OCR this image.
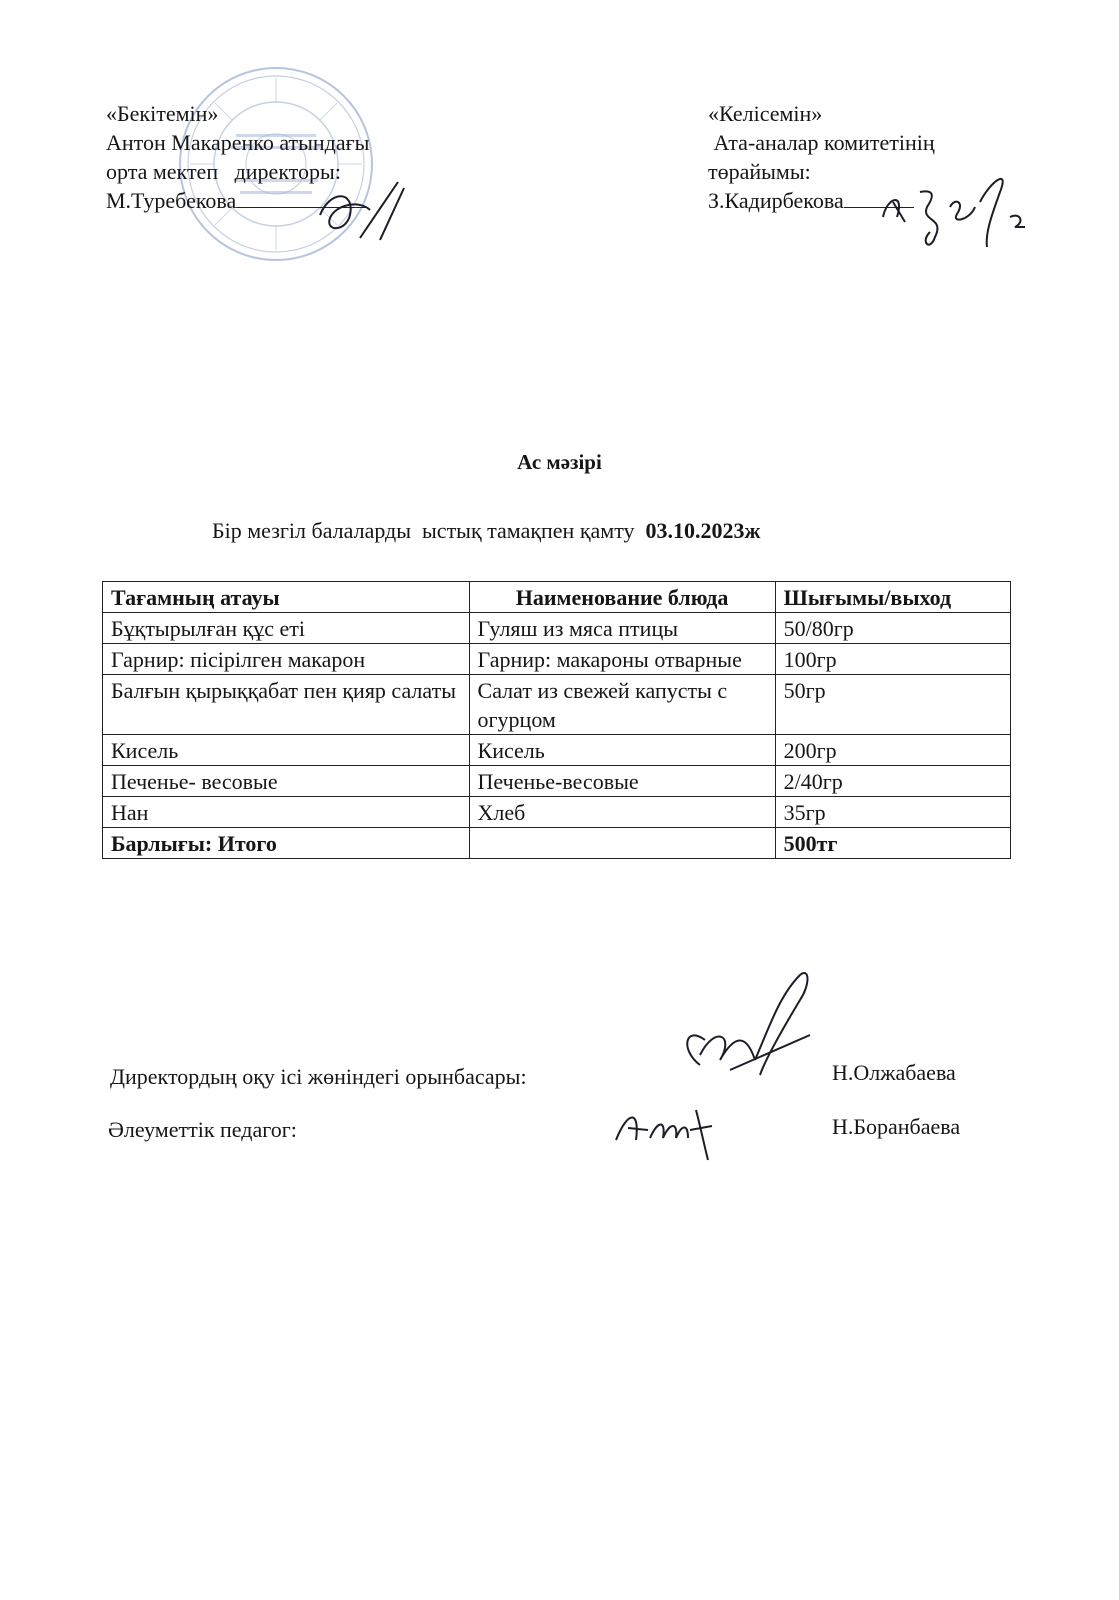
«Бекітемін»
Антон Макаренко атындағы
орта мектеп   директоры:
М.Туребекова
«Келісемін»
Ата-аналар комитетінің
төрайымы:
З.Кадирбекова
Ас мәзірі
Бір мезгіл балаларды  ыстық тамақпен қамту  03.10.2023ж
Тағамның атауы	Наименование блюда	Шығымы/выход
Бұқтырылған құс еті	Гуляш из мяса птицы	50/80гр
Гарнир: пісірілген макарон	Гарнир: макароны отварные	100гр
Балғын қырыққабат пен қияр салаты	Салат из свежей капусты с огурцом	50гр
Кисель	Кисель	200гр
Печенье- весовые	Печенье-весовые	2/40гр
Нан	Хлеб	35гр
Барлығы: Итого		500тг
Директордың оқу ісі жөніндегі орынбасары:	Н.Олжабаева
Әлеуметтік педагог:	Н.Боранбаева
